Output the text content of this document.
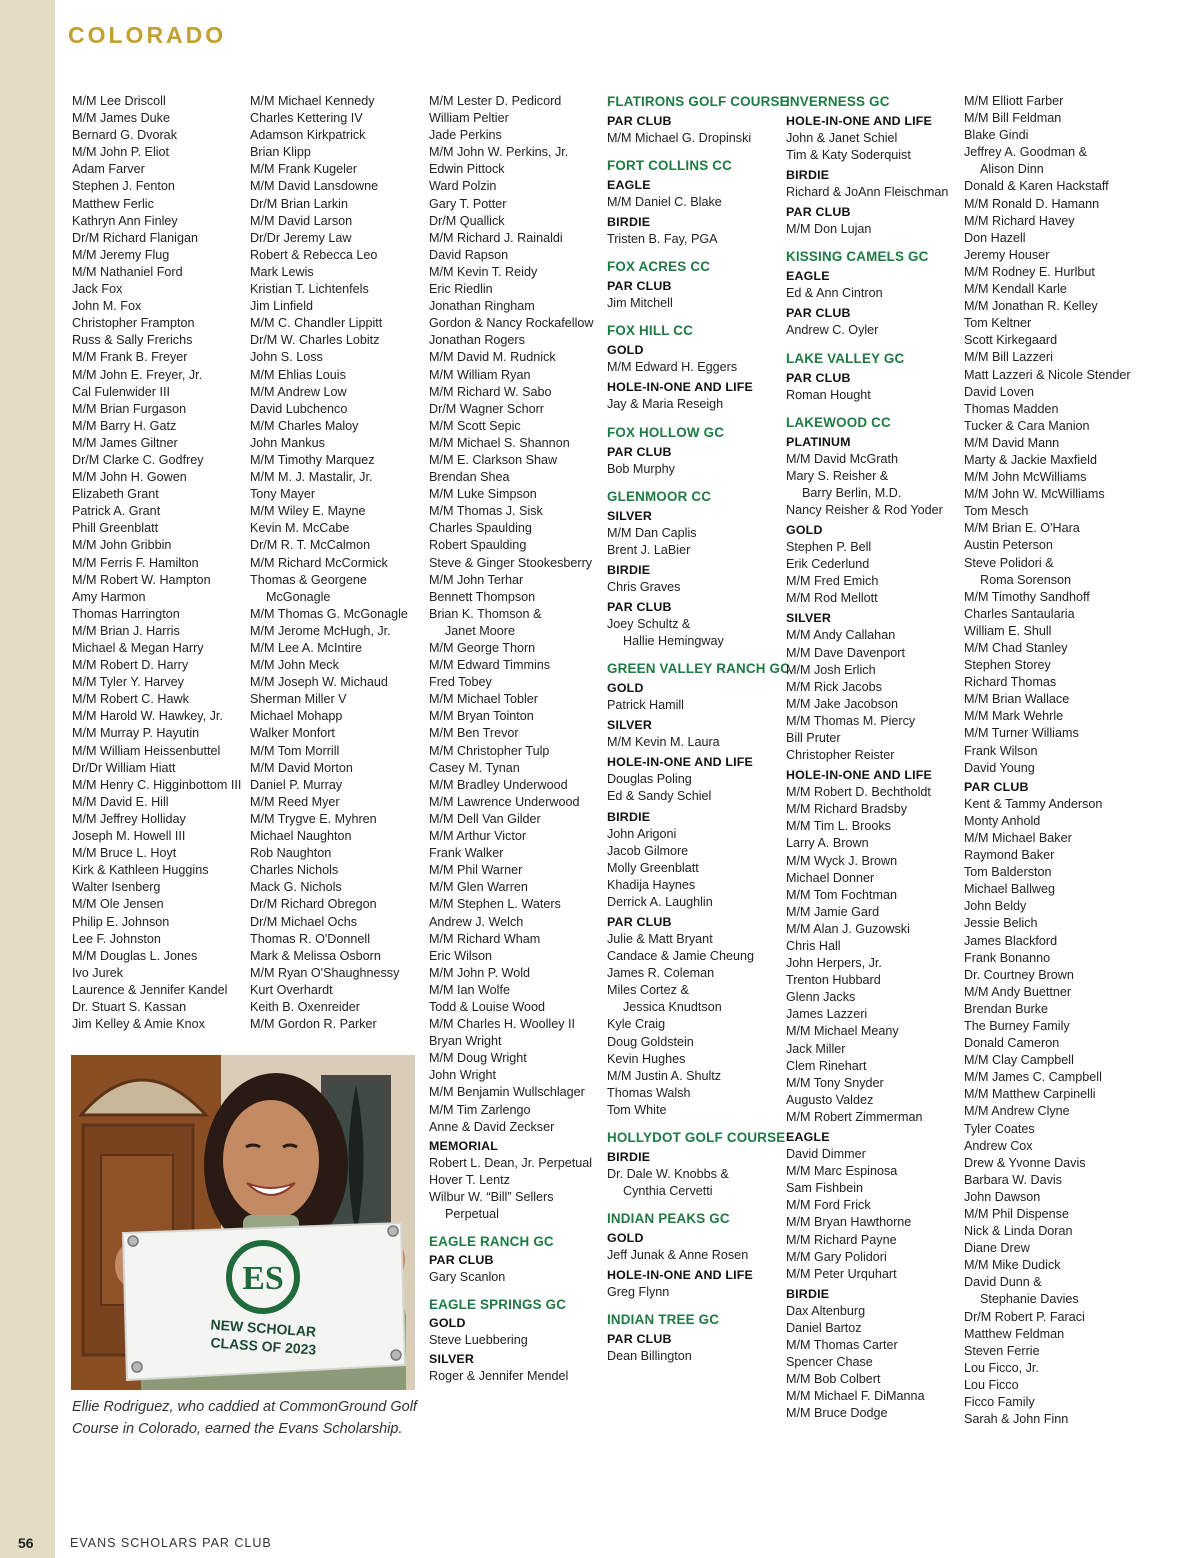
COLORADO
M/M Lee Driscoll
M/M James Duke
Bernard G. Dvorak
M/M John P. Eliot
Adam Farver
Stephen J. Fenton
Matthew Ferlic
Kathryn Ann Finley
Dr/M Richard Flanigan
M/M Jeremy Flug
M/M Nathaniel Ford
Jack Fox
John M. Fox
Christopher Frampton
Russ & Sally Frerichs
M/M Frank B. Freyer
M/M John E. Freyer, Jr.
Cal Fulenwider III
M/M Brian Furgason
M/M Barry H. Gatz
M/M James Giltner
Dr/M Clarke C. Godfrey
M/M John H. Gowen
Elizabeth Grant
Patrick A. Grant
Phill Greenblatt
M/M John Gribbin
M/M Ferris F. Hamilton
M/M Robert W. Hampton
Amy Harmon
Thomas Harrington
M/M Brian J. Harris
Michael & Megan Harry
M/M Robert D. Harry
M/M Tyler Y. Harvey
M/M Robert C. Hawk
M/M Harold W. Hawkey, Jr.
M/M Murray P. Hayutin
M/M William Heissenbuttel
Dr/Dr William Hiatt
M/M Henry C. Higginbottom III
M/M David E. Hill
M/M Jeffrey Holliday
Joseph M. Howell III
M/M Bruce L. Hoyt
Kirk & Kathleen Huggins
Walter Isenberg
M/M Ole Jensen
Philip E. Johnson
Lee F. Johnston
M/M Douglas L. Jones
Ivo Jurek
Laurence & Jennifer Kandel
Dr. Stuart S. Kassan
Jim Kelley & Amie Knox
M/M Michael Kennedy
Charles Kettering IV
Adamson Kirkpatrick
Brian Klipp
M/M Frank Kugeler
M/M David Lansdowne
Dr/M Brian Larkin
M/M David Larson
Dr/Dr Jeremy Law
Robert & Rebecca Leo
Mark Lewis
Kristian T. Lichtenfels
Jim Linfield
M/M C. Chandler Lippitt
Dr/M W. Charles Lobitz
John S. Loss
M/M Ehlias Louis
M/M Andrew Low
David Lubchenco
M/M Charles Maloy
John Mankus
M/M Timothy Marquez
M/M M. J. Mastalir, Jr.
Tony Mayer
M/M Wiley E. Mayne
Kevin M. McCabe
Dr/M R. T. McCalmon
M/M Richard McCormick
Thomas & Georgene
McGonagle
M/M Thomas G. McGonagle
M/M Jerome McHugh, Jr.
M/M Lee A. McIntire
M/M John Meck
M/M Joseph W. Michaud
Sherman Miller V
Michael Mohapp
Walker Monfort
M/M Tom Morrill
M/M David Morton
Daniel P. Murray
M/M Reed Myer
M/M Trygve E. Myhren
Michael Naughton
Rob Naughton
Charles Nichols
Mack G. Nichols
Dr/M Richard Obregon
Dr/M Michael Ochs
Thomas R. O'Donnell
Mark & Melissa Osborn
M/M Ryan O'Shaughnessy
Kurt Overhardt
Keith B. Oxenreider
M/M Gordon R. Parker
M/M Lester D. Pedicord
William Peltier
Jade Perkins
M/M John W. Perkins, Jr.
Edwin Pittock
Ward Polzin
Gary T. Potter
Dr/M Quallick
M/M Richard J. Rainaldi
David Rapson
M/M Kevin T. Reidy
Eric Riedlin
Jonathan Ringham
Gordon & Nancy Rockafellow
Jonathan Rogers
M/M David M. Rudnick
M/M William Ryan
M/M Richard W. Sabo
Dr/M Wagner Schorr
M/M Scott Sepic
M/M Michael S. Shannon
M/M E. Clarkson Shaw
Brendan Shea
M/M Luke Simpson
M/M Thomas J. Sisk
Charles Spaulding
Robert Spaulding
Steve & Ginger Stookesberry
M/M John Terhar
Bennett Thompson
Brian K. Thomson &
Janet Moore
M/M George Thorn
M/M Edward Timmins
Fred Tobey
M/M Michael Tobler
M/M Bryan Tointon
M/M Ben Trevor
M/M Christopher Tulp
Casey M. Tynan
M/M Bradley Underwood
M/M Lawrence Underwood
M/M Dell Van Gilder
M/M Arthur Victor
Frank Walker
M/M Phil Warner
M/M Glen Warren
M/M Stephen L. Waters
Andrew J. Welch
M/M Richard Wham
Eric Wilson
M/M John P. Wold
M/M Ian Wolfe
Todd & Louise Wood
M/M Charles H. Woolley II
Bryan Wright
M/M Doug Wright
John Wright
M/M Benjamin Wullschlager
M/M Tim Zarlengo
Anne & David Zeckser
MEMORIAL
Robert L. Dean, Jr. Perpetual
Hover T. Lentz
Wilbur W. “Bill” Sellers
Perpetual
EAGLE RANCH GC
PAR CLUB
Gary Scanlon
EAGLE SPRINGS GC
GOLD
Steve Luebbering
SILVER
Roger & Jennifer Mendel
FLATIRONS GOLF COURSE
PAR CLUB
M/M Michael G. Dropinski
FORT COLLINS CC
EAGLE
M/M Daniel C. Blake
BIRDIE
Tristen B. Fay, PGA
FOX ACRES CC
PAR CLUB
Jim Mitchell
FOX HILL CC
GOLD
M/M Edward H. Eggers
HOLE-IN-ONE AND LIFE
Jay & Maria Reseigh
FOX HOLLOW GC
PAR CLUB
Bob Murphy
GLENMOOR CC
SILVER
M/M Dan Caplis
Brent J. LaBier
BIRDIE
Chris Graves
PAR CLUB
Joey Schultz &
Hallie Hemingway
GREEN VALLEY RANCH GC
GOLD
Patrick Hamill
SILVER
M/M Kevin M. Laura
HOLE-IN-ONE AND LIFE
Douglas Poling
Ed & Sandy Schiel
BIRDIE
John Arigoni
Jacob Gilmore
Molly Greenblatt
Khadija Haynes
Derrick A. Laughlin
PAR CLUB
Julie & Matt Bryant
Candace & Jamie Cheung
James R. Coleman
Miles Cortez &
Jessica Knudtson
Kyle Craig
Doug Goldstein
Kevin Hughes
M/M Justin A. Shultz
Thomas Walsh
Tom White
HOLLYDOT GOLF COURSE
BIRDIE
Dr. Dale W. Knobbs &
Cynthia Cervetti
INDIAN PEAKS GC
GOLD
Jeff Junak & Anne Rosen
HOLE-IN-ONE AND LIFE
Greg Flynn
INDIAN TREE GC
PAR CLUB
Dean Billington
INVERNESS GC
HOLE-IN-ONE AND LIFE
John & Janet Schiel
Tim & Katy Soderquist
BIRDIE
Richard & JoAnn Fleischman
PAR CLUB
M/M Don Lujan
KISSING CAMELS GC
EAGLE
Ed & Ann Cintron
PAR CLUB
Andrew C. Oyler
LAKE VALLEY GC
PAR CLUB
Roman Hought
LAKEWOOD CC
PLATINUM
M/M David McGrath
Mary S. Reisher &
Barry Berlin, M.D.
Nancy Reisher & Rod Yoder
GOLD
Stephen P. Bell
Erik Cederlund
M/M Fred Emich
M/M Rod Mellott
SILVER
M/M Andy Callahan
M/M Dave Davenport
M/M Josh Erlich
M/M Rick Jacobs
M/M Jake Jacobson
M/M Thomas M. Piercy
Bill Pruter
Christopher Reister
HOLE-IN-ONE AND LIFE
M/M Robert D. Bechtholdt
M/M Richard Bradsby
M/M Tim L. Brooks
Larry A. Brown
M/M Wyck J. Brown
Michael Donner
M/M Tom Fochtman
M/M Jamie Gard
M/M Alan J. Guzowski
Chris Hall
John Herpers, Jr.
Trenton Hubbard
Glenn Jacks
James Lazzeri
M/M Michael Meany
Jack Miller
Clem Rinehart
M/M Tony Snyder
Augusto Valdez
M/M Robert Zimmerman
EAGLE
David Dimmer
M/M Marc Espinosa
Sam Fishbein
M/M Ford Frick
M/M Bryan Hawthorne
M/M Richard Payne
M/M Gary Polidori
M/M Peter Urquhart
BIRDIE
Dax Altenburg
Daniel Bartoz
M/M Thomas Carter
Spencer Chase
M/M Bob Colbert
M/M Michael F. DiManna
M/M Bruce Dodge
M/M Elliott Farber
M/M Bill Feldman
Blake Gindi
Jeffrey A. Goodman &
Alison Dinn
Donald & Karen Hackstaff
M/M Ronald D. Hamann
M/M Richard Havey
Don Hazell
Jeremy Houser
M/M Rodney E. Hurlbut
M/M Kendall Karle
M/M Jonathan R. Kelley
Tom Keltner
Scott Kirkegaard
M/M Bill Lazzeri
Matt Lazzeri & Nicole Stender
David Loven
Thomas Madden
Tucker & Cara Manion
M/M David Mann
Marty & Jackie Maxfield
M/M John McWilliams
M/M John W. McWilliams
Tom Mesch
M/M Brian E. O'Hara
Austin Peterson
Steve Polidori &
Roma Sorenson
M/M Timothy Sandhoff
Charles Santaularia
William E. Shull
M/M Chad Stanley
Stephen Storey
Richard Thomas
M/M Brian Wallace
M/M Mark Wehrle
M/M Turner Williams
Frank Wilson
David Young
PAR CLUB
Kent & Tammy Anderson
Monty Anhold
M/M Michael Baker
Raymond Baker
Tom Balderston
Michael Ballweg
John Beldy
Jessie Belich
James Blackford
Frank Bonanno
Dr. Courtney Brown
M/M Andy Buettner
Brendan Burke
The Burney Family
Donald Cameron
M/M Clay Campbell
M/M James C. Campbell
M/M Matthew Carpinelli
M/M Andrew Clyne
Tyler Coates
Andrew Cox
Drew & Yvonne Davis
Barbara W. Davis
John Dawson
M/M Phil Dispense
Nick & Linda Doran
Diane Drew
M/M Mike Dudick
David Dunn &
Stephanie Davies
Dr/M Robert P. Faraci
Matthew Feldman
Steven Ferrie
Lou Ficco, Jr.
Lou Ficco
Ficco Family
Sarah & John Finn
ES
NEW SCHOLAR
CLASS OF 2023
Ellie Rodriguez, who caddied at CommonGround Golf Course in Colorado, earned the Evans Scholarship.
56	EVANS SCHOLARS PAR CLUB
